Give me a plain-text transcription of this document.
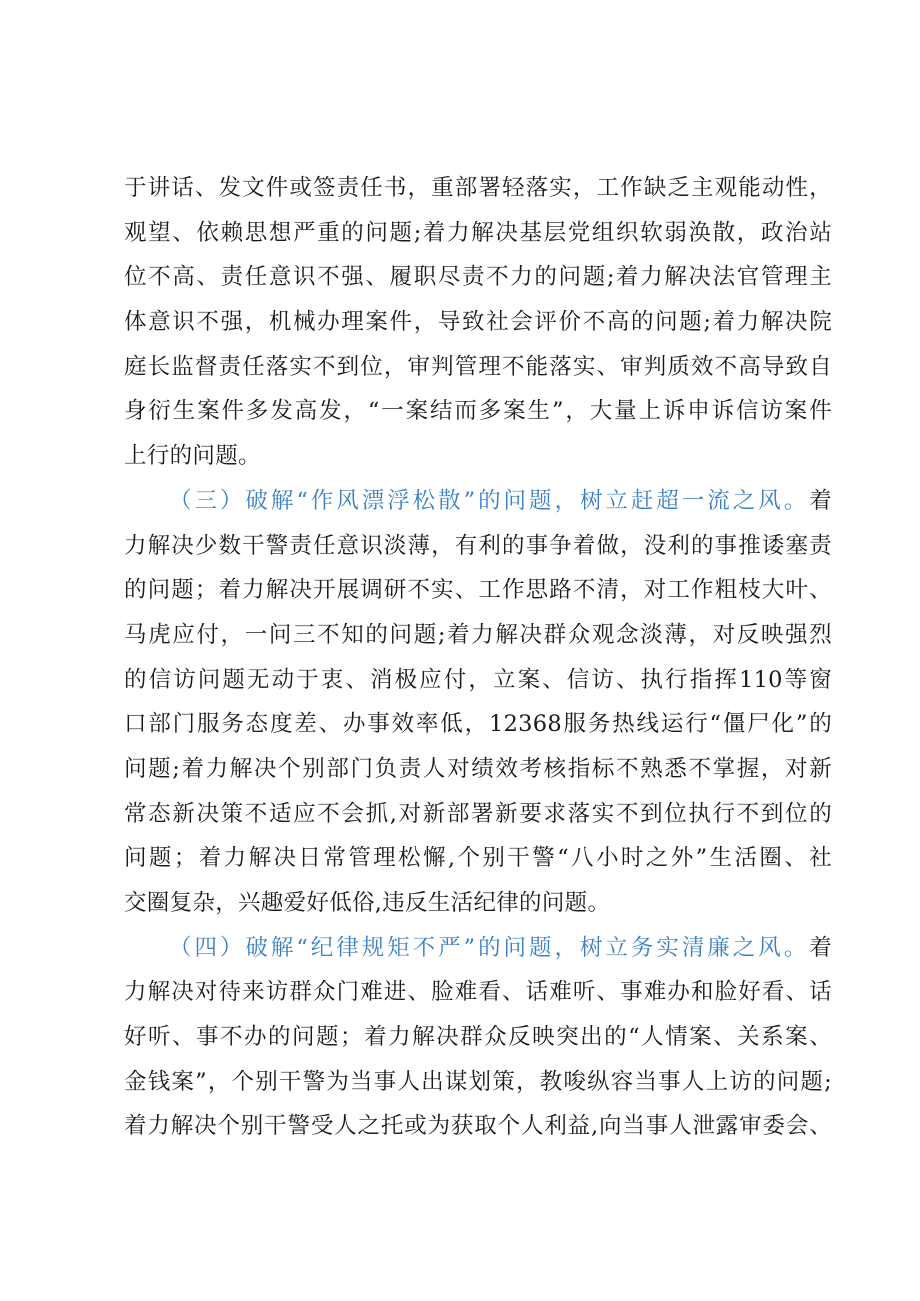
于讲话、发文件或签责任书，重部署轻落实，工作缺乏主观能动性，
观望、依赖思想严重的问题;着力解决基层党组织软弱涣散，政治站
位不高、责任意识不强、履职尽责不力的问题;着力解决法官管理主
体意识不强，机械办理案件，导致社会评价不高的问题;着力解决院
庭长监督责任落实不到位，审判管理不能落实、审判质效不高导致自
身衍生案件多发高发，“一案结而多案生”，大量上诉申诉信访案件
上行的问题。
（三）破解“作风漂浮松散”的问题，树立赶超一流之风。着
力解决少数干警责任意识淡薄，有利的事争着做，没利的事推诿塞责
的问题；着力解决开展调研不实、工作思路不清，对工作粗枝大叶、
马虎应付，一问三不知的问题;着力解决群众观念淡薄，对反映强烈
的信访问题无动于衷、消极应付，立案、信访、执行指挥110等窗
口部门服务态度差、办事效率低，12368服务热线运行“僵尸化”的
问题;着力解决个别部门负责人对绩效考核指标不熟悉不掌握，对新
常态新决策不适应不会抓,对新部署新要求落实不到位执行不到位的
问题；着力解决日常管理松懈,个别干警“八小时之外”生活圈、社
交圈复杂，兴趣爱好低俗,违反生活纪律的问题。
（四）破解“纪律规矩不严”的问题，树立务实清廉之风。着
力解决对待来访群众门难进、脸难看、话难听、事难办和脸好看、话
好听、事不办的问题；着力解决群众反映突出的“人情案、关系案、
金钱案”，个别干警为当事人出谋划策，教唆纵容当事人上访的问题;
着力解决个别干警受人之托或为获取个人利益,向当事人泄露审委会、
